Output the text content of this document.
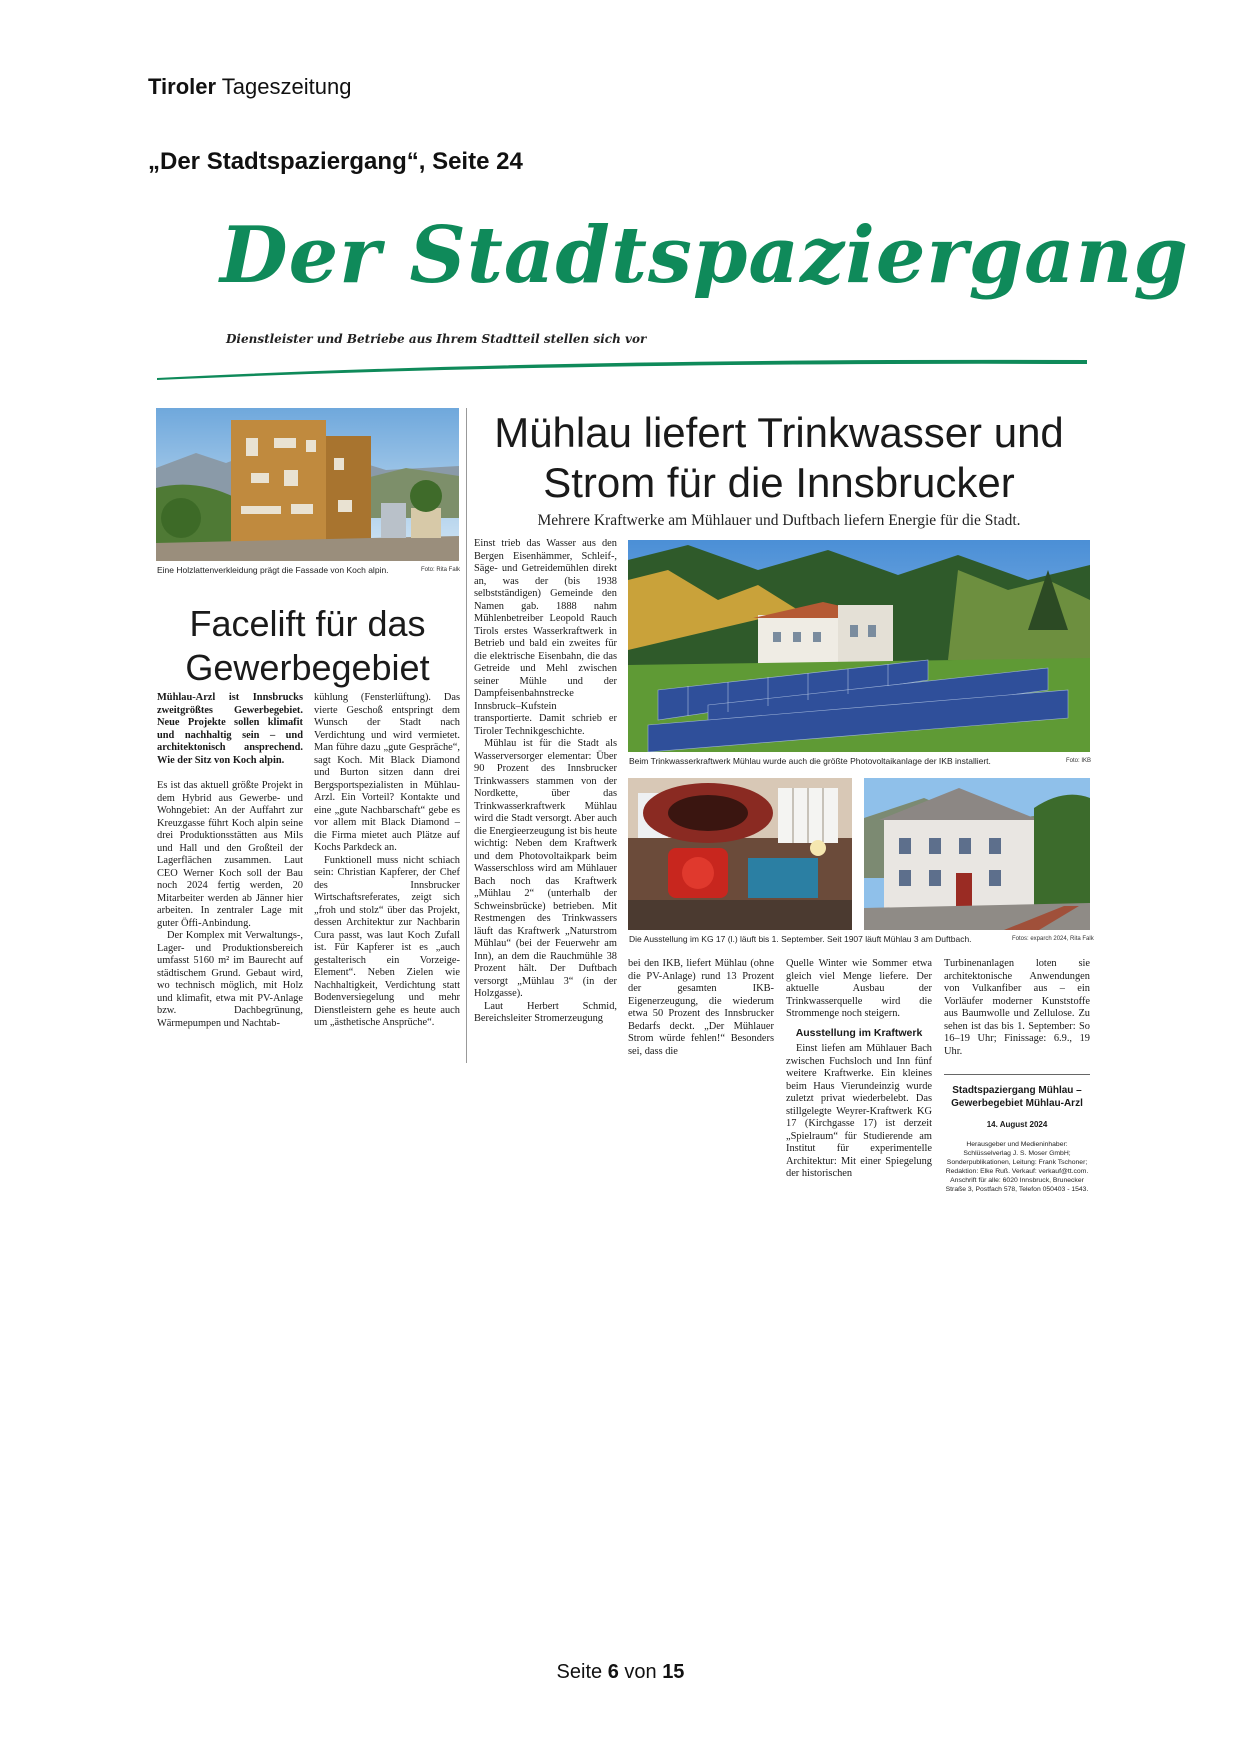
Tiroler Tageszeitung
„Der Stadtspaziergang“, Seite 24
Der Stadtspaziergang
Dienstleister und Betriebe aus Ihrem Stadtteil stellen sich vor
Eine Holzlattenverkleidung prägt die Fassade von Koch alpin.	Foto: Rita Falk
Facelift für das
Gewerbegebiet

Mühlau-Arzl ist Innsbrucks zweitgrößtes Gewerbegebiet. Neue Projekte sollen klimafit und nachhaltig sein – und architektonisch ansprechend. Wie der Sitz von Koch alpin.

Es ist das aktuell größte Projekt in dem Hybrid aus Gewerbe- und Wohngebiet: An der Auffahrt zur Kreuzgasse führt Koch alpin seine drei Produktionsstätten aus Mils und Hall und den Großteil der Lagerflächen zusammen. Laut CEO Werner Koch soll der Bau noch 2024 fertig werden, 20 Mitarbeiter werden ab Jänner hier arbeiten. In zentraler Lage mit guter Öffi-Anbindung.

Der Komplex mit Verwaltungs-, Lager- und Produktionsbereich umfasst 5160 m² im Baurecht auf städtischem Grund. Gebaut wird, wo technisch möglich, mit Holz und klimafit, etwa mit PV-Anlage bzw. Dachbegrünung, Wärmepumpen und Nachtab-

kühlung (Fensterlüftung). Das vierte Geschoß entspringt dem Wunsch der Stadt nach Verdichtung und wird vermietet. Man führe dazu „gute Gespräche“, sagt Koch. Mit Black Diamond und Burton sitzen dann drei Bergsportspezialisten in Mühlau-Arzl. Ein Vorteil? Kontakte und eine „gute Nachbarschaft“ gebe es vor allem mit Black Diamond – die Firma mietet auch Plätze auf Kochs Parkdeck an.

Funktionell muss nicht schiach sein: Christian Kapferer, der Chef des Innsbrucker Wirtschaftsreferates, zeigt sich „froh und stolz“ über das Projekt, dessen Architektur zur Nachbarin Cura passt, was laut Koch Zufall ist. Für Kapferer ist es „auch gestalterisch ein Vorzeige-Element“. Neben Zielen wie Nachhaltigkeit, Verdichtung statt Bodenversiegelung und mehr Dienstleistern gehe es heute auch um „ästhetische Ansprüche“.

Mühlau liefert Trinkwasser und
Strom für die Innsbrucker
Mehrere Kraftwerke am Mühlauer und Duftbach liefern Energie für die Stadt.

Einst trieb das Wasser aus den Bergen Eisenhämmer, Schleif-, Säge- und Getreidemühlen direkt an, was der (bis 1938 selbstständigen) Gemeinde den Namen gab. 1888 nahm Mühlenbetreiber Leopold Rauch Tirols erstes Wasserkraftwerk in Betrieb und bald ein zweites für die elektrische Eisenbahn, die das Getreide und Mehl zwischen seiner Mühle und der Dampfeisenbahnstrecke Innsbruck–Kufstein transportierte. Damit schrieb er Tiroler Technikgeschichte.

Mühlau ist für die Stadt als Wasserversorger elementar: Über 90 Prozent des Innsbrucker Trinkwassers stammen von der Nordkette, über das Trinkwasserkraftwerk Mühlau wird die Stadt versorgt. Aber auch die Energieerzeugung ist bis heute wichtig: Neben dem Kraftwerk und dem Photovoltaikpark beim Wasserschloss wird am Mühlauer Bach noch das Kraftwerk „Mühlau 2“ (unterhalb der Schweinsbrücke) betrieben. Mit Restmengen des Trinkwassers läuft das Kraftwerk „Naturstrom Mühlau“ (bei der Feuerwehr am Inn), an dem die Rauchmühle 38 Prozent hält. Der Duftbach versorgt „Mühlau 3“ (in der Holzgasse).

Laut Herbert Schmid, Bereichsleiter Stromerzeugung

Beim Trinkwasserkraftwerk Mühlau wurde auch die größte Photovoltaikanlage der IKB installiert.	Foto: IKB
Die Ausstellung im KG 17 (l.) läuft bis 1. September. Seit 1907 läuft Mühlau 3 am Duftbach.	Fotos: exparch 2024, Rita Falk

bei den IKB, liefert Mühlau (ohne die PV-Anlage) rund 13 Prozent der gesamten IKB-Eigenerzeugung, die wiederum etwa 50 Prozent des Innsbrucker Bedarfs deckt. „Der Mühlauer Strom würde fehlen!“ Besonders sei, dass die

Quelle Winter wie Sommer etwa gleich viel Menge liefere. Der aktuelle Ausbau der Trinkwasserquelle wird die Strommenge noch steigern.

Ausstellung im Kraftwerk

Einst liefen am Mühlauer Bach zwischen Fuchsloch und Inn fünf weitere Kraftwerke. Ein kleines beim Haus Vierundeinzig wurde zuletzt privat wiederbelebt. Das stillgelegte Weyrer-Kraftwerk KG 17 (Kirchgasse 17) ist derzeit „Spielraum“ für Studierende am Institut für experimentelle Architektur: Mit einer Spiegelung der historischen

Turbinenanlagen loten sie architektonische Anwendungen von Vulkanfiber aus – ein Vorläufer moderner Kunststoffe aus Baumwolle und Zellulose. Zu sehen ist das bis 1. September: So 16–19 Uhr; Finissage: 6.9., 19 Uhr.

Stadtspaziergang Mühlau –
Gewerbegebiet Mühlau-Arzl
14. August 2024
Herausgeber und Medieninhaber: Schlüsselverlag J. S. Moser GmbH; Sonderpublikationen, Leitung: Frank Tschoner; Redaktion: Elke Ruß. Verkauf: verkauf@tt.com. Anschrift für alle: 6020 Innsbruck, Brunecker Straße 3, Postfach 578, Telefon 050403 - 1543.
Seite 6 von 15
